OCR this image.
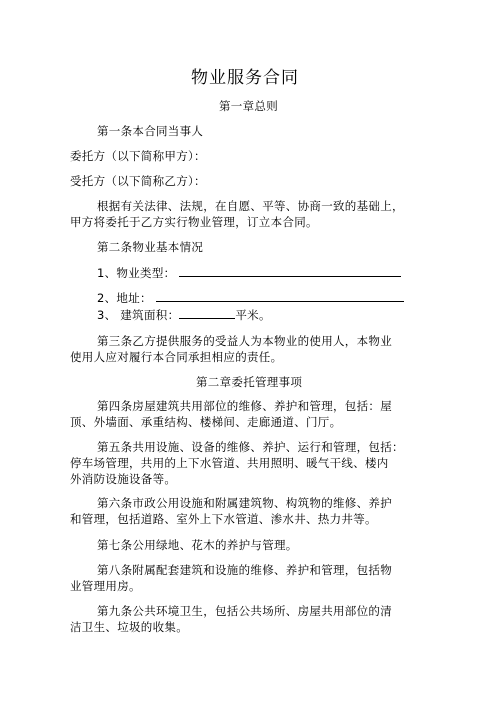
物业服务合同
第一章总则
第一条本合同当事人
委托方（以下简称甲方）：
受托方（以下简称乙方）：
根据有关法律、法规，在自愿、平等、协商一致的基础上，
甲方将委托于乙方实行物业管理，订立本合同。
第二条物业基本情况
1、物业类型：
2、地址：
3、 建筑面积：	平米。
第三条乙方提供服务的受益人为本物业的使用人，本物业
使用人应对履行本合同承担相应的责任。
第二章委托管理事项
第四条房屋建筑共用部位的维修、养护和管理，包括：屋
顶、外墙面、承重结构、楼梯间、走廊通道、门厅。
第五条共用设施、设备的维修、养护、运行和管理，包括：
停车场管理，共用的上下水管道、共用照明、暖气干线、楼内
外消防设施设备等。
第六条市政公用设施和附属建筑物、构筑物的维修、养护
和管理，包括道路、室外上下水管道、渗水井、热力井等。
第七条公用绿地、花木的养护与管理。
第八条附属配套建筑和设施的维修、养护和管理，包括物
业管理用房。
第九条公共环境卫生，包括公共场所、房屋共用部位的清
洁卫生、垃圾的收集。
